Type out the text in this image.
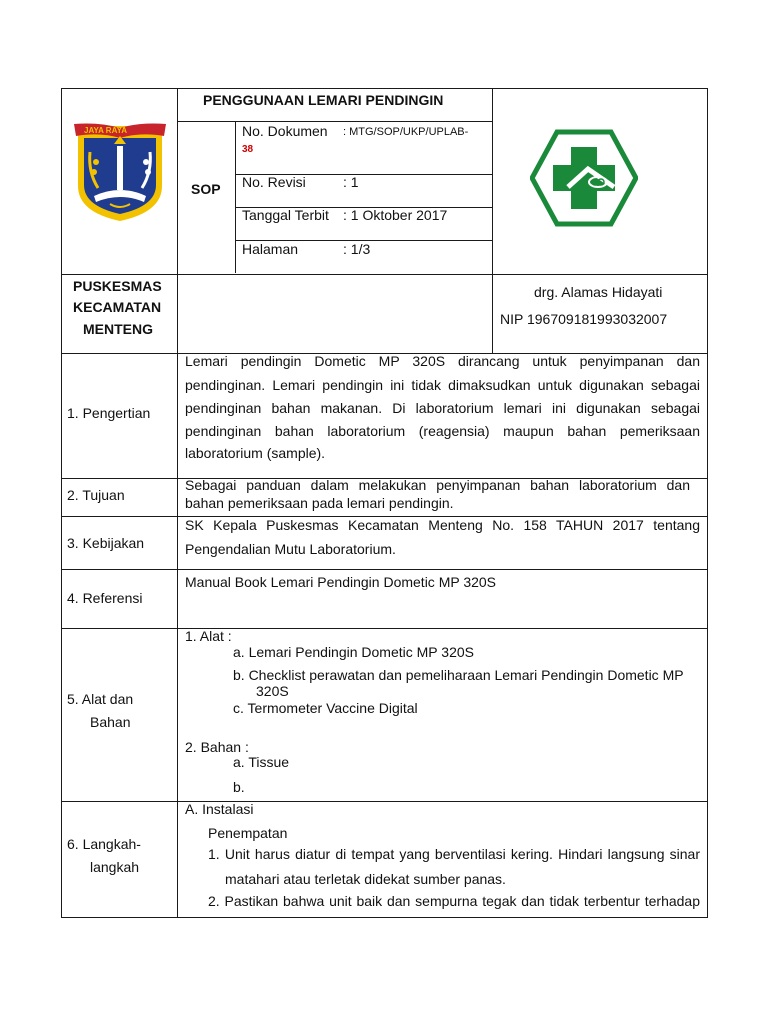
JAYA RAYA
PENGGUNAAN LEMARI PENDINGIN
SOP
No. Dokumen : MTG/SOP/UKP/UPLAB-
38
No. Revisi	: 1
Tanggal Terbit : 1 Oktober 2017
Halaman	: 1/3
PUSKESMAS
KECAMATAN
MENTENG
drg. Alamas Hidayati
NIP 196709181993032007
1. Pengertian
Lemari pendingin Dometic MP 320S dirancang untuk penyimpanan dan
pendinginan. Lemari pendingin ini tidak dimaksudkan untuk digunakan sebagai
pendinginan bahan makanan. Di laboratorium lemari ini digunakan sebagai
pendinginan bahan laboratorium (reagensia) maupun bahan pemeriksaan
laboratorium (sample).
2. Tujuan
Sebagai panduan dalam melakukan penyimpanan bahan laboratorium dan
bahan pemeriksaan pada lemari pendingin.
3. Kebijakan
SK Kepala Puskesmas Kecamatan Menteng No. 158 TAHUN 2017 tentang
Pengendalian Mutu Laboratorium.
4. Referensi
Manual Book Lemari Pendingin Dometic MP 320S
5. Alat dan
Bahan
1. Alat :
a. Lemari Pendingin Dometic MP 320S
b. Checklist perawatan dan pemeliharaan Lemari Pendingin Dometic MP
320S
c. Termometer Vaccine Digital
2. Bahan :
a. Tissue
b.
6. Langkah-
langkah
A. Instalasi
Penempatan
1. Unit harus diatur di tempat yang berventilasi kering. Hindari langsung sinar
matahari atau terletak didekat sumber panas.
2. Pastikan bahwa unit baik dan sempurna tegak dan tidak terbentur terhadap
